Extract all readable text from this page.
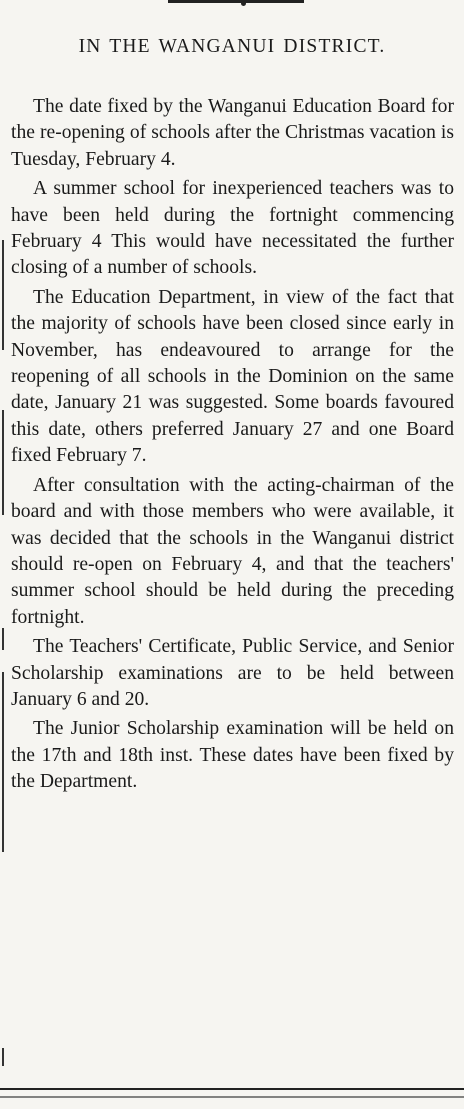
IN THE WANGANUI DISTRICT.

The date fixed by the Wanganui Education Board for the re-opening of schools after the Christmas vacation is Tuesday, February 4.

A summer school for inexperienced teachers was to have been held during the fortnight commencing February 4 This would have necessitated the further closing of a number of schools.

The Education Department, in view of the fact that the majority of schools have been closed since early in November, has endeavoured to arrange for the reopening of all schools in the Dominion on the same date, January 21 was suggested. Some boards favoured this date, others preferred January 27 and one Board fixed February 7.

After consultation with the acting-chairman of the board and with those members who were available, it was decided that the schools in the Wanganui district should re-open on February 4, and that the teachers' summer school should be held during the preceding fortnight.

The Teachers' Certificate, Public Service, and Senior Scholarship examinations are to be held between January 6 and 20.

The Junior Scholarship examination will be held on the 17th and 18th inst. These dates have been fixed by the Department.
